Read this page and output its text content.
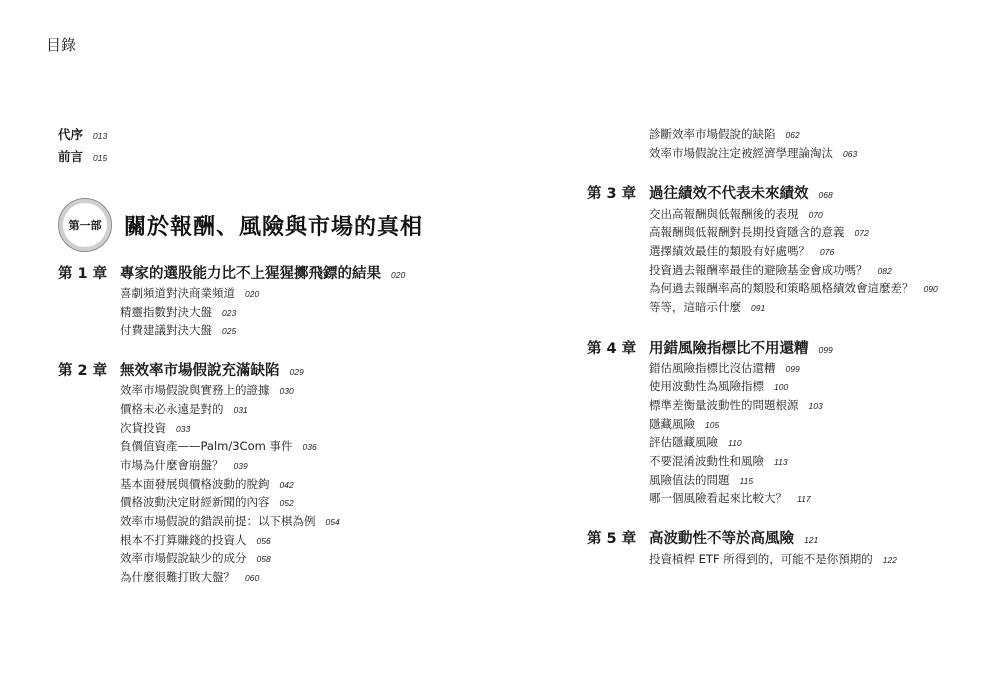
目錄
代序 013
前言 015
第一部	關於報酬、風險與市場的真相
第 1 章 專家的選股能力比不上猩猩擲飛鏢的結果 020
喜劇頻道對決商業頻道 020
精靈指數對決大盤 023
付費建議對決大盤 025
第 2 章 無效率市場假說充滿缺陷 029
效率市場假說與實務上的證據 030
價格未必永遠是對的 031
次貸投資 033
負價值資產——Palm/3Com 事件 036
市場為什麼會崩盤？ 039
基本面發展與價格波動的脫鉤 042
價格波動決定財經新聞的內容 052
效率市場假說的錯誤前提：以下棋為例 054
根本不打算賺錢的投資人 056
效率市場假說缺少的成分 058
為什麼很難打敗大盤？ 060
診斷效率市場假說的缺陷 062
效率市場假說注定被經濟學理論淘汰 063
第 3 章 過往績效不代表未來績效 068
交出高報酬與低報酬後的表現 070
高報酬與低報酬對長期投資隱含的意義 072
選擇績效最佳的類股有好處嗎？ 076
投資過去報酬率最佳的避險基金會成功嗎？ 082
為何過去報酬率高的類股和策略風格績效會這麼差？ 090
等等，這暗示什麼 091
第 4 章 用錯風險指標比不用還糟 099
錯估風險指標比沒估還糟 099
使用波動性為風險指標 100
標準差衡量波動性的問題根源 103
隱藏風險 105
評估隱藏風險 110
不要混淆波動性和風險 113
風險值法的問題 115
哪一個風險看起來比較大？ 117
第 5 章 高波動性不等於高風險 121
投資槓桿 ETF 所得到的，可能不是你預期的 122
